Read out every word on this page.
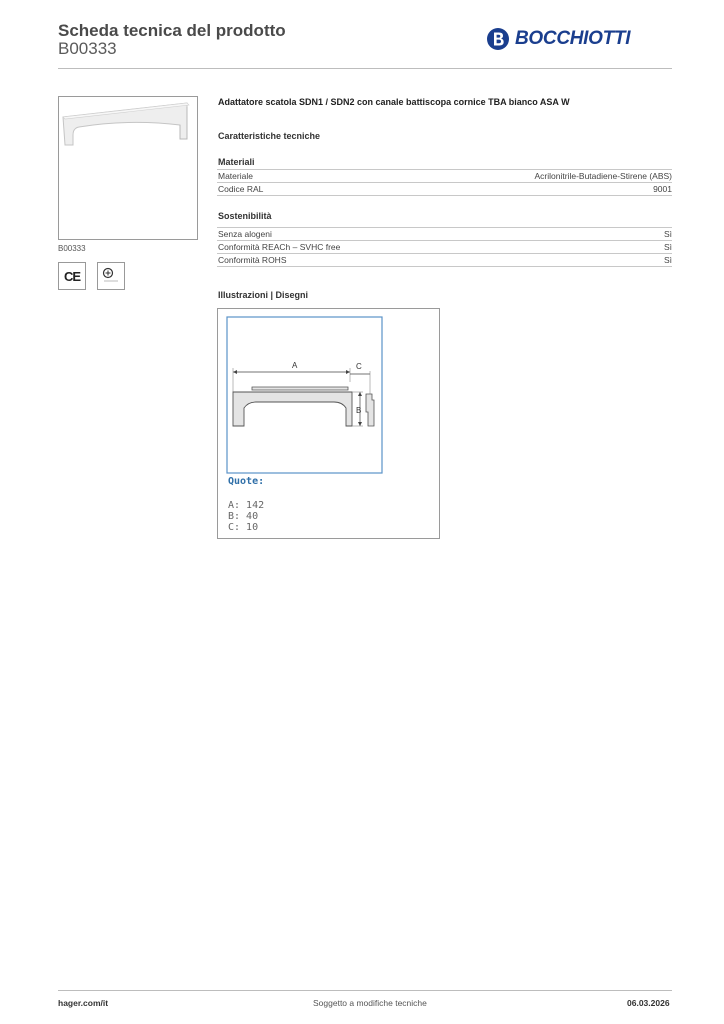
Scheda tecnica del prodotto
B00333	BOCCHIOTTI
B00333
CE
Adattatore scatola SDN1 / SDN2 con canale battiscopa cornice TBA bianco ASA W
Caratteristiche tecniche
Materiali
Materiale	Acrilonitrile-Butadiene-Stirene (ABS)
Codice RAL	9001
Sostenibilità
Senza alogeni	Sì
Conformità REACh – SVHC free	Sì
Conformità ROHS	Sì
Illustrazioni | Disegni
A	C
B
Quote:
A: 142
B: 40
C: 10
hager.com/it	Soggetto a modifiche tecniche	06.03.2026
